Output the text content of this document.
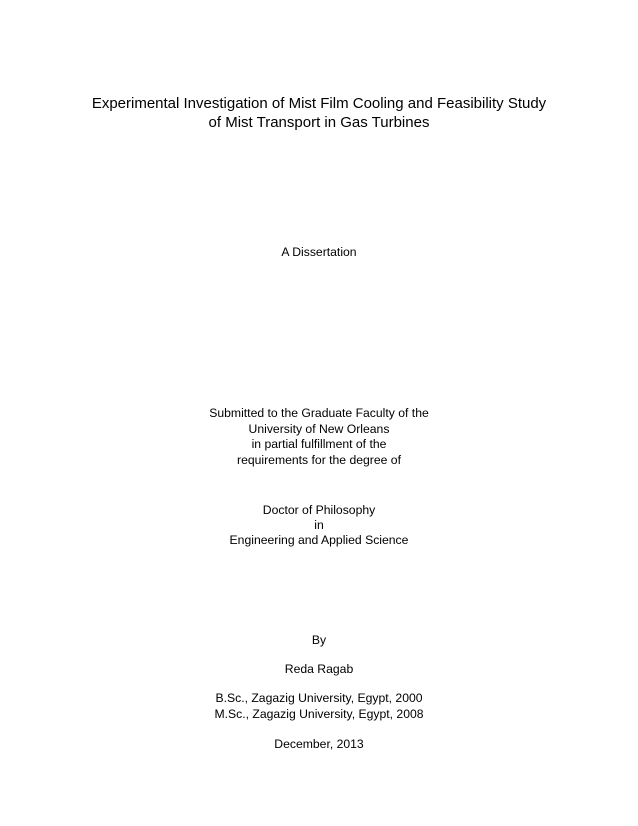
Experimental Investigation of Mist Film Cooling and Feasibility Study
of Mist Transport in Gas Turbines
A Dissertation
Submitted to the Graduate Faculty of the
University of New Orleans
in partial fulfillment of the
requirements for the degree of
Doctor of Philosophy
in
Engineering and Applied Science
By
Reda Ragab
B.Sc., Zagazig University, Egypt, 2000
M.Sc., Zagazig University, Egypt, 2008
December, 2013
